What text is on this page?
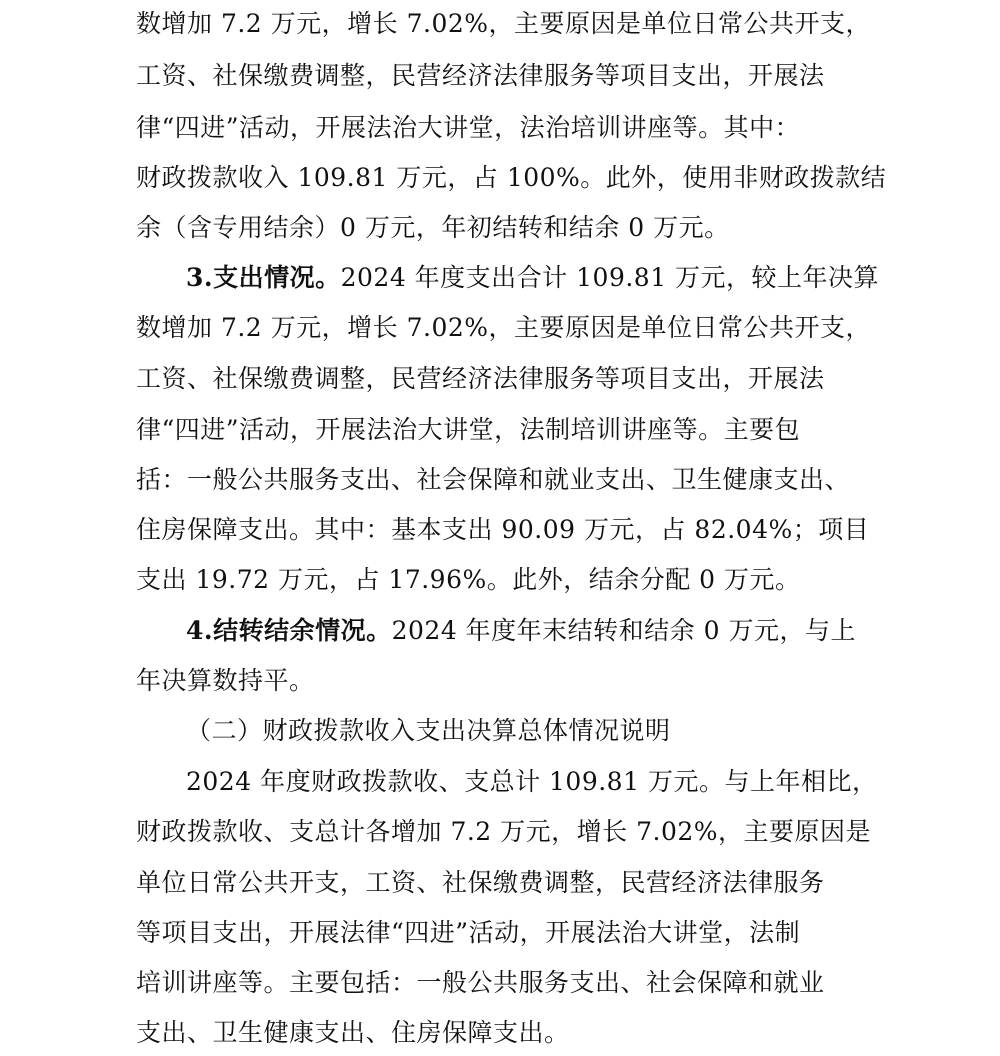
数增加 7.2 万元，增长 7.02%，主要原因是单位日常公共开支，
工资、社保缴费调整，民营经济法律服务等项目支出，开展法
律“四进”活动，开展法治大讲堂，法治培训讲座等。其中：
财政拨款收入 109.81 万元，占 100%。此外，使用非财政拨款结
余（含专用结余）0 万元，年初结转和结余 0 万元。
3.支出情况。2024 年度支出合计 109.81 万元，较上年决算
数增加 7.2 万元，增长 7.02%，主要原因是单位日常公共开支，
工资、社保缴费调整，民营经济法律服务等项目支出，开展法
律“四进”活动，开展法治大讲堂，法制培训讲座等。主要包
括：一般公共服务支出、社会保障和就业支出、卫生健康支出、
住房保障支出。其中：基本支出 90.09 万元，占 82.04%；项目
支出 19.72 万元，占 17.96%。此外，结余分配 0 万元。
4.结转结余情况。2024 年度年末结转和结余 0 万元，与上
年决算数持平。
（二）财政拨款收入支出决算总体情况说明
2024 年度财政拨款收、支总计 109.81 万元。与上年相比，
财政拨款收、支总计各增加 7.2 万元，增长 7.02%，主要原因是
单位日常公共开支，工资、社保缴费调整，民营经济法律服务
等项目支出，开展法律“四进”活动，开展法治大讲堂，法制
培训讲座等。主要包括：一般公共服务支出、社会保障和就业
支出、卫生健康支出、住房保障支出。
